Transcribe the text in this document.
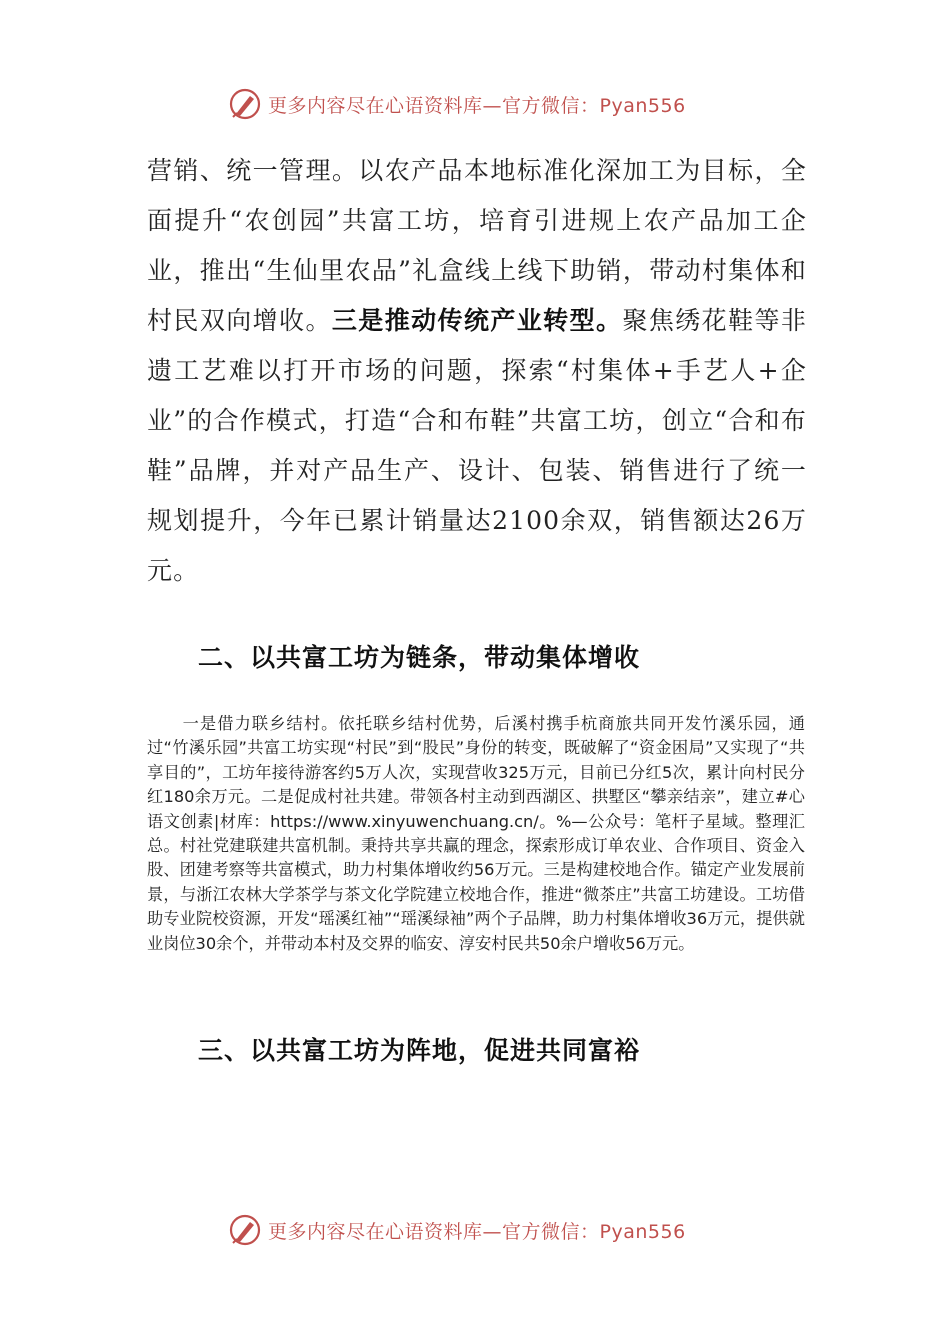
更多内容尽在心语资料库—官方微信：Pyan556

营销、统一管理。以农产品本地标准化深加工为目标，全面提升“农创园”共富工坊，培育引进规上农产品加工企业，推出“生仙里农品”礼盒线上线下助销，带动村集体和村民双向增收。三是推动传统产业转型。聚焦绣花鞋等非遗工艺难以打开市场的问题，探索“村集体+手艺人+企业”的合作模式，打造“合和布鞋”共富工坊，创立“合和布鞋”品牌，并对产品生产、设计、包装、销售进行了统一规划提升，今年已累计销量达2100余双，销售额达26万元。

二、以共富工坊为链条，带动集体增收

一是借力联乡结村。依托联乡结村优势，后溪村携手杭商旅共同开发竹溪乐园，通过“竹溪乐园”共富工坊实现“村民”到“股民”身份的转变，既破解了“资金困局”又实现了“共享目的”，工坊年接待游客约5万人次，实现营收325万元，目前已分红5次，累计向村民分红180余万元。二是促成村社共建。带领各村主动到西湖区、拱墅区“攀亲结亲”，建立#心语文创素|材库：https://www.xinyuwenchuang.cn/。%—公众号：笔杆子星域。整理汇总。村社党建联建共富机制。秉持共享共赢的理念，探索形成订单农业、合作项目、资金入股、团建考察等共富模式，助力村集体增收约56万元。三是构建校地合作。锚定产业发展前景，与浙江农林大学茶学与茶文化学院建立校地合作，推进“微茶庄”共富工坊建设。工坊借助专业院校资源，开发“瑶溪红袖”“瑶溪绿袖”两个子品牌，助力村集体增收36万元，提供就业岗位30余个，并带动本村及交界的临安、淳安村民共50余户增收56万元。

三、以共富工坊为阵地，促进共同富裕
更多内容尽在心语资料库—官方微信：Pyan556
